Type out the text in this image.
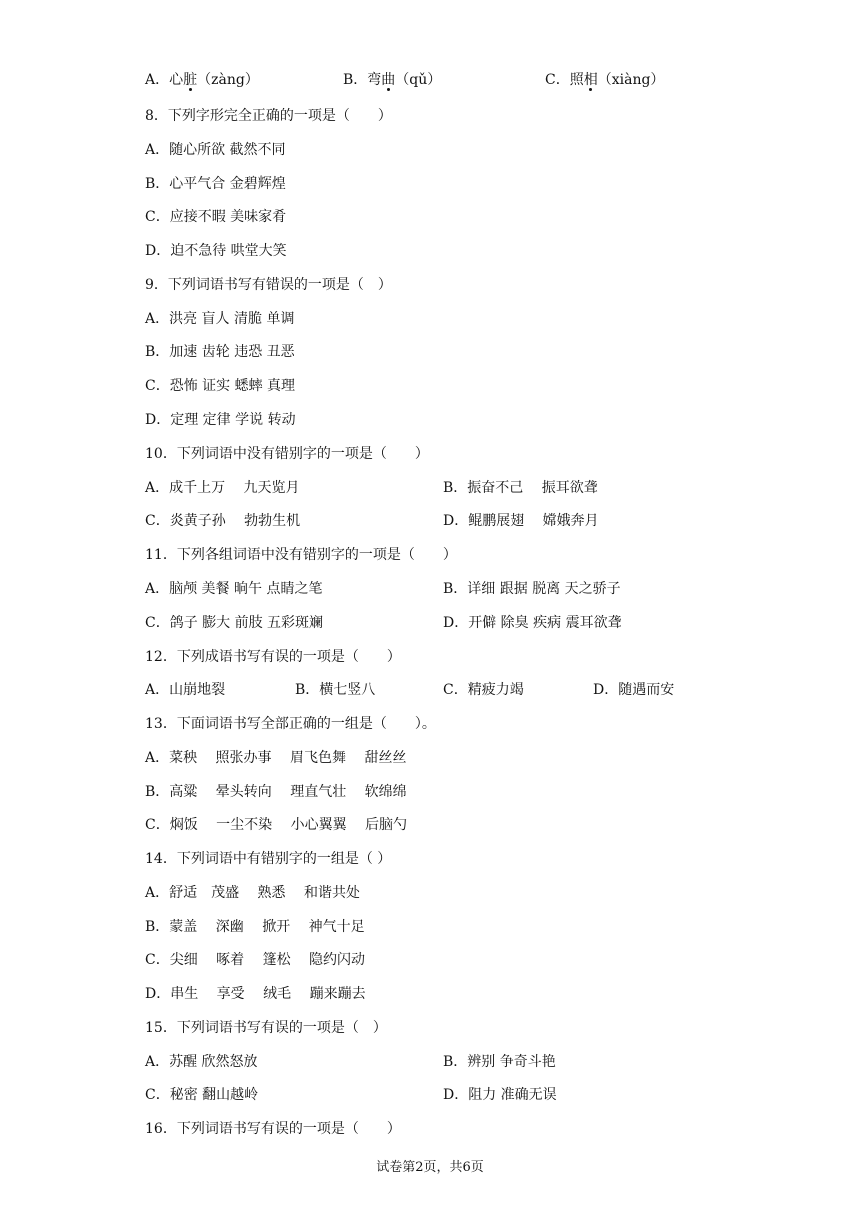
A．心脏（zàng）	B．弯曲（qǔ）	C．照相（xiàng）
8．下列字形完全正确的一项是（　　）
A．随心所欲 截然不同
B．心平气合 金碧辉煌
C．应接不暇 美味家肴
D．迫不急待 哄堂大笑
9．下列词语书写有错误的一项是（　）
A．洪亮 盲人 清脆 单调
B．加速 齿轮 违恐 丑恶
C．恐怖 证实 蟋蟀 真理
D．定理 定律 学说 转动
10．下列词语中没有错别字的一项是（　　）
A．成千上万　 九天览月	B．振奋不己　 振耳欲聋
C．炎黄子孙　 勃勃生机	D．鲲鹏展翅　 嫦娥奔月
11．下列各组词语中没有错别字的一项是（　　）
A．脑颅 美餐 晌午 点睛之笔	B．详细 跟据 脱离 天之骄子
C．鸽子 膨大 前肢 五彩斑斓	D．开僻 除臭 疾病 震耳欲聋
12．下列成语书写有误的一项是（　　）
A．山崩地裂	B．横七竖八	C．精疲力竭	D．随遇而安
13．下面词语书写全部正确的一组是（　　）。
A．菜秧　 照张办事　 眉飞色舞　 甜丝丝
B．高粱　 晕头转向　 理直气壮　 软绵绵
C．焖饭　 一尘不染　 小心翼翼　 后脑勺
14．下列词语中有错别字的一组是（ ）
A．舒适　茂盛　 熟悉　 和谐共处
B．蒙盖　 深幽　 掀开　 神气十足
C．尖细　 啄着　 篷松　 隐约闪动
D．串生　 享受　 绒毛　 蹦来蹦去
15．下列词语书写有误的一项是（　）
A．苏醒 欣然怒放	B．辨别 争奇斗艳
C．秘密 翻山越岭	D．阻力 准确无误
16．下列词语书写有误的一项是（　　）
试卷第2页，共6页
